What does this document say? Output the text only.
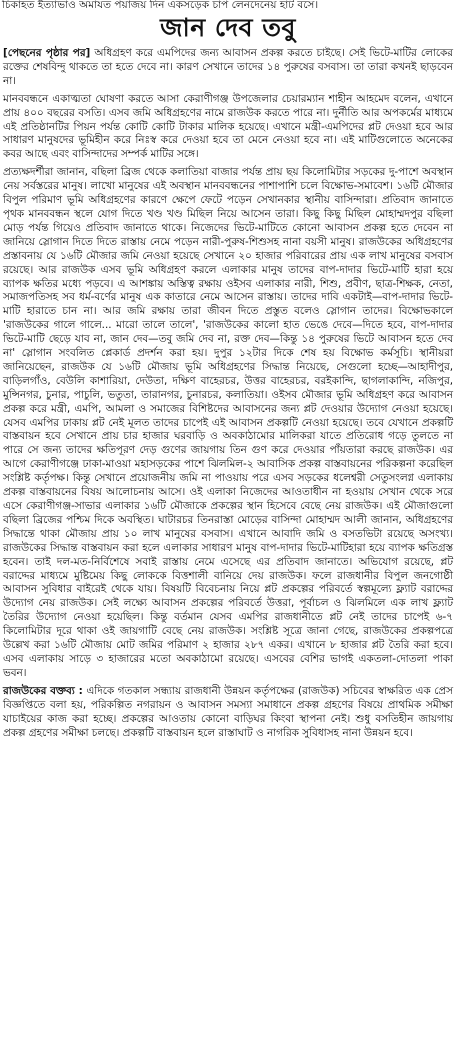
চিকাহত ইত্যাভাও অমাযত পয়াজয় দিন একসড়েক চাপ লেনদেনেয় হাট বসে।
জান দেব তবু

[পেছনের পৃষ্ঠার পর] অধিগ্রহণ করে এমপিদের জন্য আবাসন প্রকল্প করতে চাইছে। সেই ভিটে-মাটির লোকের রক্তের শেষবিন্দু থাকতে তা হতে দেবে না। কারণ সেখানে তাদের ১৪ পুরুষের বসবাস। তা তারা কখনই ছাড়বেন না।

মানববন্ধনে একাত্মতা ঘোষণা করতে আসা কেরাণীগঞ্জ উপজেলার চেয়ারম্যান শাহীন আহমেদ বলেন, এখানে প্রায় ৪০০ বছরের বসতি। এসব জমি অধিগ্রহণের নামে রাজউক করতে পারে না। দুর্নীতি আর অপকর্মের মাধ্যমে এই প্রতিষ্ঠানটির পিয়ন পর্যন্ত কোটি কোটি টাকার মালিক হয়েছে। এখানে মন্ত্রী-এমপিদের প্লট দেওয়া হবে আর সাধারণ মানুষদের ভূমিহীন করে নিঃস্ব করে দেওয়া হবে তা মেনে নেওয়া হবে না। এই মাটিগুলোতে অনেকের কবর আছে এবং বাসিন্দাদের সম্পর্ক মাটির সঙ্গে।

প্রত্যক্ষদর্শীরা জানান, বছিলা ব্রিজ থেকে কলাতিয়া বাজার পর্যন্ত প্রায় ছয় কিলোমিটার সড়কের দু-পাশে অবস্থান নেয় সর্বস্তরের মানুষ। লাখো মানুষের এই অবস্থান মানববন্ধনের পাশাপাশি চলে বিক্ষোভ-সমাবেশ। ১৬টি মৌজার বিপুল পরিমাণ ভূমি অধিগ্রহণের কারণে ক্ষেপে ফেটে পড়েন সেখানকার স্থানীয় বাসিন্দারা। প্রতিবাদ জানাতে পৃথক মানববন্ধন স্থলে যোগ দিতে খণ্ড খণ্ড মিছিল নিয়ে আসেন তারা। কিছু কিছু মিছিল মোহাম্মদপুর বছিলা মোড় পর্যন্ত গিয়েও প্রতিবাদ জানাতে থাকে। নিজেদের ভিটে-মাটিতে কোনো আবাসন প্রকল্প হতে দেবেন না জানিয়ে স্লোগান দিতে দিতে রাস্তায় নেমে পড়েন নারী-পুরুষ-শিশুসহ নানা বয়সী মানুষ। রাজউকের অধিগ্রহণের প্রস্তাবনায় যে ১৬টি মৌজার জমি নেওয়া হয়েছে সেখানে ২০ হাজার পরিবারের প্রায় এক লাখ মানুষের বসবাস রয়েছে। আর রাজউক এসব ভূমি অধিগ্রহণ করলে এলাকার মানুষ তাদের বাপ-দাদার ভিটে-মাটি হারা হয়ে ব্যাপক ক্ষতির মধ্যে পড়বে। এ আশঙ্কায় অস্তিত্ব রক্ষায় ওইসব এলাকার নারী, শিশু, প্রবীণ, ছাত্র-শিক্ষক, নেতা, সমাজপতিসহ সব ধর্ম-বর্ণের মানুষ এক কাতারে নেমে আসেন রাস্তায়। তাদের দাবি একটাই—বাপ-দাদার ভিটে-মাটি হারাতে চান না। আর জমি রক্ষায় তারা জীবন দিতে প্রস্তুত বলেও স্লোগান তাদের। বিক্ষোভকালে 'রাজউকের গালে গালে... মারো তালে তালে', 'রাজউকের কালো হাত ভেঙে দেবে—দিতে হবে, বাপ-দাদার ভিটে-মাটি ছেড়ে যাব না, জান দেব—তবু জমি দেব না, রক্ত দেব—কিন্তু ১৪ পুরুষের ভিটে আবাসন হতে দেব না' স্লোগান সংবলিত প্লেকার্ড প্রদর্শন করা হয়। দুপুর ১২টার দিকে শেষ হয় বিক্ষোভ কর্মসূচি। স্থানীয়রা জানিয়েছেন, রাজউক যে ১৬টি মৌজায় ভূমি অধিগ্রহণের সিদ্ধান্ত নিয়েছে, সেগুলো হচ্ছে—আহাদীপুর, বাড়িলগাঁও, বেউলি কাশারিয়া, দেউতা, দক্ষিণ বাহেরচর, উত্তর বাহেরচর, বরইকান্দি, ছাগলাকান্দি, নজিপুর, মুন্সিনগর, চুনার, পাচুলি, ভতুতা, তারানগর, চুনারচর, কলাতিয়া। ওইসব মৌজার ভূমি অধিগ্রহণ করে আবাসন প্রকল্প করে মন্ত্রী, এমপি, আমলা ও সমাজের বিশিষ্টদের আবাসনের জন্য প্লট দেওয়ার উদ্যোগ নেওয়া হয়েছে। যেসব এমপির ঢাকায় প্লট নেই মূলত তাদের চাপেই এই আবাসন প্রকল্পটি নেওয়া হয়েছে। তবে যেখানে প্রকল্পটি বাস্তবায়ন হবে সেখানে প্রায় চার হাজার ঘরবাড়ি ও অবকাঠামোর মালিকরা যাতে প্রতিরোধ গড়ে তুলতে না পারে সে জন্য তাদের ক্ষতিপূরণ দেড় গুণের জায়গায় তিন গুণ করে দেওয়ার পাঁয়তারা করছে রাজউক। এর আগে কেরাণীগঞ্জে ঢাকা-মাওয়া মহাসড়কের পাশে ঝিলমিল-২ আবাসিক প্রকল্প বাস্তবায়নের পরিকল্পনা করেছিল সংশ্লিষ্ট কর্তৃপক্ষ। কিন্তু সেখানে প্রয়োজনীয় জমি না পাওয়ায় পরে এসব সড়কের ধলেশ্বরী সেতুসংলগ্ন এলাকায় প্রকল্প বাস্তবায়নের বিষয় আলোচনায় আসে। ওই এলাকা নিজেদের আওতাধীন না হওয়ায় সেখান থেকে সরে এসে কেরাণীগঞ্জ-সাভার এলাকার ১৬টি মৌজাকে প্রকল্পের স্থান হিসেবে বেছে নেয় রাজউক। এই মৌজাগুলো বছিলা ব্রিজের পশ্চিম দিকে অবস্থিত। ঘাটারচর তিনরাস্তা মোড়ের বাসিন্দা মোহাম্মদ আলী জানান, অধিগ্রহণের সিদ্ধান্তে থাকা মৌজায় প্রায় ১০ লাখ মানুষের বসবাস। এখানে আবাদি জমি ও বসতভিটা রয়েছে অসংখ্য। রাজউকের সিদ্ধান্ত বাস্তবায়ন করা হলে এলাকার সাধারণ মানুষ বাপ-দাদার ভিটে-মাটিহারা হয়ে ব্যাপক ক্ষতিগ্রস্ত হবেন। তাই দল-মত-নির্বিশেষে সবাই রাস্তায় নেমে এসেছে এর প্রতিবাদ জানাতে। অভিযোগ রয়েছে, প্লট বরাদ্দের মাধ্যমে মুষ্টিমেয় কিছু লোককে বিত্তশালী বানিয়ে দেয় রাজউক। ফলে রাজধানীর বিপুল জনগোষ্ঠী আবাসন সুবিধার বাইরেই থেকে যায়। বিষয়টি বিবেচনায় নিয়ে প্লট প্রকল্পের পরিবর্তে স্বল্পমূল্যে ফ্ল্যাট বরাদ্দের উদ্যোগ নেয় রাজউক। সেই লক্ষ্যে আবাসন প্রকল্পের পরিবর্তে উত্তরা, পূর্বাচল ও ঝিলমিলে এক লাখ ফ্ল্যাট তৈরির উদ্যোগ নেওয়া হয়েছিল। কিন্তু বর্তমান যেসব এমপির রাজধানীতে প্লট নেই তাদের চাপেই ৬-৭ কিলোমিটার দূরে থাকা ওই জায়গাটি বেছে নেয় রাজউক। সংশ্লিষ্ট সূত্রে জানা গেছে, রাজউকের প্রকল্পপত্রে উল্লেখ করা ১৬টি মৌজায় মোট জমির পরিমাণ ২ হাজার ২৮৭ একর। এখানে ৮ হাজার প্লট তৈরি করা হবে। এসব এলাকায় সাড়ে ৩ হাজারের মতো অবকাঠামো রয়েছে। এসবের বেশির ভাগই একতলা-দোতলা পাকা ভবন।

রাজউকের বক্তব্য : এদিকে গতকাল সন্ধ্যায় রাজধানী উন্নয়ন কর্তৃপক্ষের (রাজউক) সচিবের স্বাক্ষরিত এক প্রেস বিজ্ঞপ্তিতে বলা হয়, পরিকল্পিত নগরায়ন ও আবাসন সমস্যা সমাধানে প্রকল্প গ্রহণের বিষয়ে প্রাথমিক সমীক্ষা যাচাইয়ের কাজ করা হচ্ছে। প্রকল্পের আওতায় কোনো বাড়িঘর কিংবা স্থাপনা নেই। শুধু বসতিহীন জায়গায় প্রকল্প গ্রহণের সমীক্ষা চলছে। প্রকল্পটি বাস্তবায়ন হলে রাস্তাঘাট ও নাগরিক সুবিধাসহ নানা উন্নয়ন হবে।
